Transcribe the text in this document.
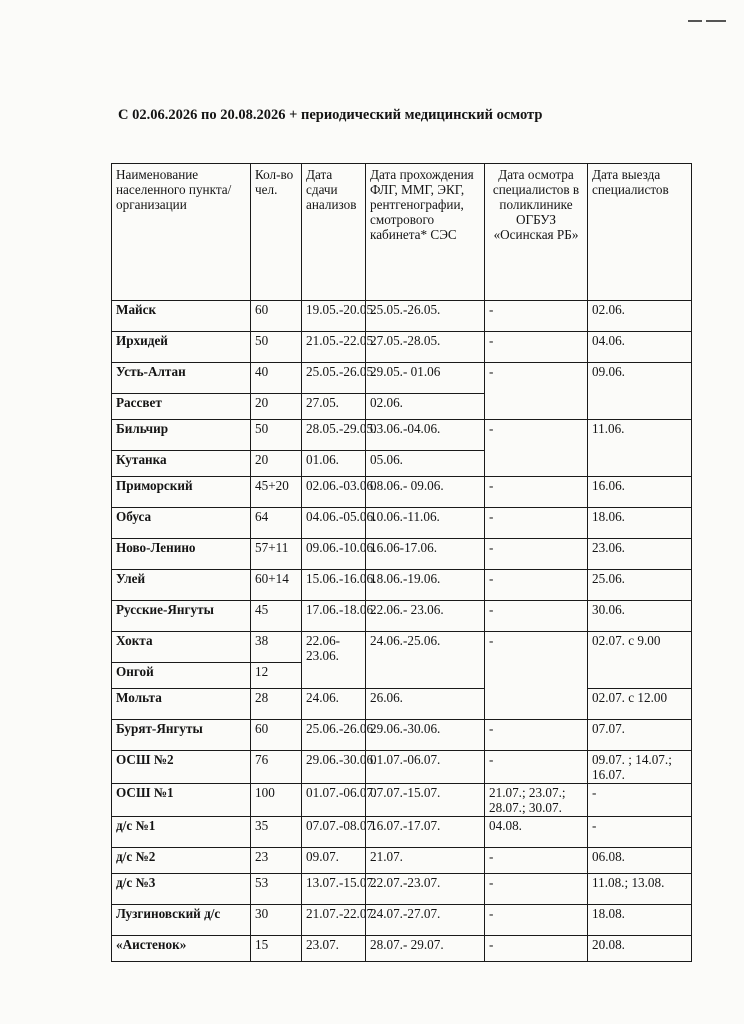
С 02.06.2026 по 20.08.2026 + периодический медицинский осмотр
Наименование населенного пункта/организации	Кол-во чел.	Дата сдачи анализов	Дата прохождения ФЛГ, ММГ, ЭКГ, рентгенографии, смотрового кабинета* СЭС	Дата осмотра специалистов в поликлинике ОГБУЗ «Осинская РБ»	Дата выезда специалистов
Майск	60	19.05.-20.05.	25.05.-26.05.	-	02.06.
Ирхидей	50	21.05.-22.05.	27.05.-28.05.	-	04.06.
Усть-Алтан	40	25.05.-26.05.	29.05.- 01.06	-	09.06.
Рассвет	20	27.05.	02.06.		
Бильчир	50	28.05.-29.05.	03.06.-04.06.	-	11.06.
Кутанка	20	01.06.	05.06.		
Приморский	45+20	02.06.-03.06.	08.06.- 09.06.	-	16.06.
Обуса	64	04.06.-05.06.	10.06.-11.06.	-	18.06.
Ново-Ленино	57+11	09.06.-10.06.	16.06-17.06.	-	23.06.
Улей	60+14	15.06.-16.06.	18.06.-19.06.	-	25.06.
Русские-Янгуты	45	17.06.-18.06.	22.06.- 23.06.	-	30.06.
Хокта	38	22.06-23.06.	24.06.-25.06.	-	02.07. с 9.00
Онгой	12				
Мольта	28	24.06.	26.06.		02.07. с 12.00
Бурят-Янгуты	60	25.06.-26.06.	29.06.-30.06.	-	07.07.
ОСШ №2	76	29.06.-30.06.	01.07.-06.07.	-	09.07. ; 14.07.; 16.07.
ОСШ №1	100	01.07.-06.07.	07.07.-15.07.	21.07.; 23.07.; 28.07.; 30.07.	-
д/с №1	35	07.07.-08.07.	16.07.-17.07.	04.08.	-
д/с №2	23	09.07.	21.07.	-	06.08.
д/с №3	53	13.07.-15.07.	22.07.-23.07.	-	11.08.; 13.08.
Лузгиновский д/с	30	21.07.-22.07.	24.07.-27.07.	-	18.08.
«Аистенок»	15	23.07.	28.07.- 29.07.	-	20.08.
